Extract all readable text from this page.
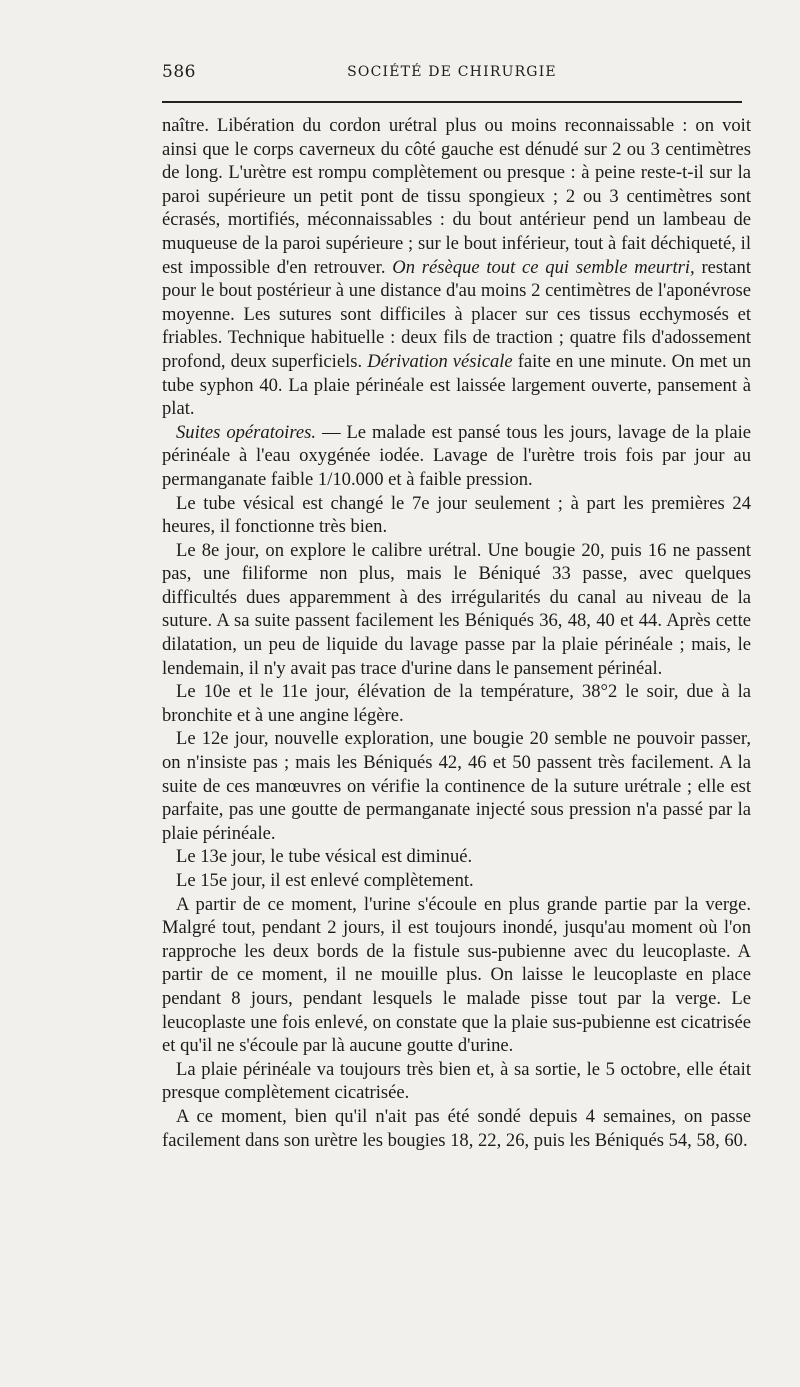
586	SOCIÉTÉ DE CHIRURGIE

naître. Libération du cordon urétral plus ou moins reconnaissable : on voit ainsi que le corps caverneux du côté gauche est dénudé sur 2 ou 3 centimètres de long. L'urètre est rompu complètement ou presque : à peine reste-t-il sur la paroi supérieure un petit pont de tissu spongieux ; 2 ou 3 centimètres sont écrasés, mortifiés, méconnaissables : du bout antérieur pend un lambeau de muqueuse de la paroi supérieure ; sur le bout inférieur, tout à fait déchiqueté, il est impossible d'en retrouver. On résèque tout ce qui semble meurtri, restant pour le bout postérieur à une distance d'au moins 2 centimètres de l'aponévrose moyenne. Les sutures sont difficiles à placer sur ces tissus ecchymosés et friables. Technique habituelle : deux fils de traction ; quatre fils d'adossement profond, deux superficiels. Dérivation vésicale faite en une minute. On met un tube syphon 40. La plaie périnéale est laissée largement ouverte, pansement à plat.

Suites opératoires. — Le malade est pansé tous les jours, lavage de la plaie périnéale à l'eau oxygénée iodée. Lavage de l'urètre trois fois par jour au permanganate faible 1/10.000 et à faible pression.

Le tube vésical est changé le 7e jour seulement ; à part les premières 24 heures, il fonctionne très bien.

Le 8e jour, on explore le calibre urétral. Une bougie 20, puis 16 ne passent pas, une filiforme non plus, mais le Béniqué 33 passe, avec quelques difficultés dues apparemment à des irrégularités du canal au niveau de la suture. A sa suite passent facilement les Béniqués 36, 48, 40 et 44. Après cette dilatation, un peu de liquide du lavage passe par la plaie périnéale ; mais, le lendemain, il n'y avait pas trace d'urine dans le pansement périnéal.

Le 10e et le 11e jour, élévation de la température, 38°2 le soir, due à la bronchite et à une angine légère.

Le 12e jour, nouvelle exploration, une bougie 20 semble ne pouvoir passer, on n'insiste pas ; mais les Béniqués 42, 46 et 50 passent très facilement. A la suite de ces manœuvres on vérifie la continence de la suture urétrale ; elle est parfaite, pas une goutte de permanganate injecté sous pression n'a passé par la plaie périnéale.

Le 13e jour, le tube vésical est diminué.

Le 15e jour, il est enlevé complètement.

A partir de ce moment, l'urine s'écoule en plus grande partie par la verge. Malgré tout, pendant 2 jours, il est toujours inondé, jusqu'au moment où l'on rapproche les deux bords de la fistule sus-pubienne avec du leucoplaste. A partir de ce moment, il ne mouille plus. On laisse le leucoplaste en place pendant 8 jours, pendant lesquels le malade pisse tout par la verge. Le leucoplaste une fois enlevé, on constate que la plaie sus-pubienne est cicatrisée et qu'il ne s'écoule par là aucune goutte d'urine.

La plaie périnéale va toujours très bien et, à sa sortie, le 5 octobre, elle était presque complètement cicatrisée.

A ce moment, bien qu'il n'ait pas été sondé depuis 4 semaines, on passe facilement dans son urètre les bougies 18, 22, 26, puis les Béniqués 54, 58, 60.
